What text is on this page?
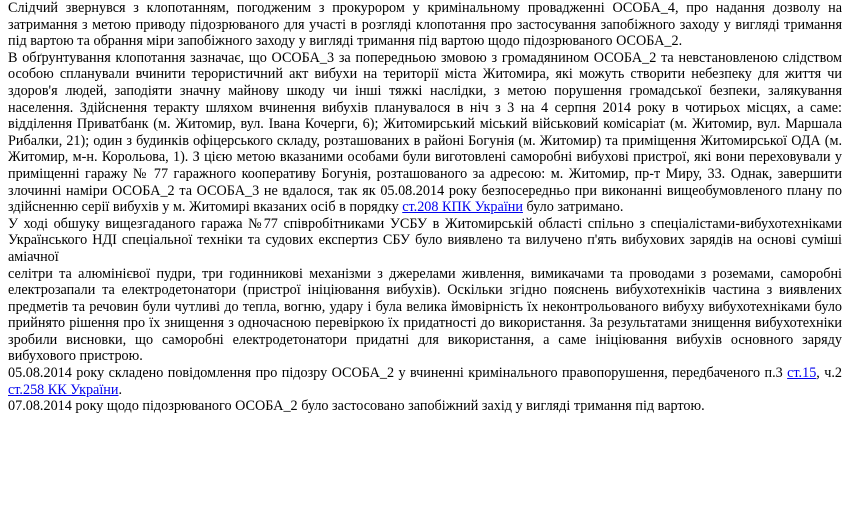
Слідчий звернувся з клопотанням, погодженим з прокурором у кримінальному провадженні ОСОБА_4, про надання дозволу на затримання з метою приводу підозрюваного для участі в розгляді клопотання про застосування запобіжного заходу у вигляді тримання під вартою та обрання міри запобіжного заходу у вигляді тримання під вартою щодо підозрюваного ОСОБА_2.

В обґрунтування клопотання зазначає, що ОСОБА_3 за попередньою змовою з громадянином ОСОБА_2 та невстановленою слідством особою спланували вчинити терористичний акт вибухи на території міста Житомира, які можуть створити небезпеку для життя чи здоров'я людей, заподіяти значну майнову шкоду чи інші тяжкі наслідки, з метою порушення громадської безпеки, залякування населення. Здійснення теракту шляхом вчинення вибухів планувалося в ніч з 3 на 4 серпня 2014 року в чотирьох місцях, а саме: відділення Приватбанк (м. Житомир, вул. Івана Кочерги, 6); Житомирський міський військовий комісаріат (м. Житомир, вул. Маршала Рибалки, 21); один з будинків офіцерського складу, розташованих в районі Богунія (м. Житомир) та приміщення Житомирської ОДА (м. Житомир, м-н. Корольова, 1). З цією метою вказаними особами були виготовлені саморобні вибухові пристрої, які вони переховували у приміщенні гаражу № 77 гаражного кооперативу Богунія, розташованого за адресою: м. Житомир, пр-т Миру, 33. Однак, завершити злочинні наміри ОСОБА_2 та ОСОБА_3 не вдалося, так як 05.08.2014 року безпосередньо при виконанні вищеобумовленого плану по здійсненню серії вибухів у м. Житомирі вказаних осіб в порядку ст.208 КПК України було затримано.

У ході обшуку вищезгаданого гаража №77 співробітниками УСБУ в Житомирській області спільно з спеціалістами-вибухотехніками Українського НДІ спеціальної техніки та судових експертиз СБУ було виявлено та вилучено п'ять вибухових зарядів на основі суміші аміачної

селітри та алюмінієвої пудри, три годинникові механізми з джерелами живлення, вимикачами та проводами з роземами, саморобні електрозапали та електродетонатори (пристрої ініціювання вибухів). Оскільки згідно пояснень вибухотехніків частина з виявлених предметів та речовин були чутливі до тепла, вогню, удару і була велика ймовірність їх неконтрольованого вибуху вибухотехніками було прийнято рішення про їх знищення з одночасною перевіркою їх придатності до використання. За результатами знищення вибухотехніки зробили висновки, що саморобні електродетонатори придатні для використання, а саме ініціювання вибухів основного заряду вибухового пристрою.

05.08.2014 року складено повідомлення про підозру ОСОБА_2 у вчиненні кримінального правопорушення, передбаченого п.3 ст.15, ч.2 ст.258 КК України.

07.08.2014 року щодо підозрюваного ОСОБА_2 було застосовано запобіжний захід у вигляді тримання під вартою.
